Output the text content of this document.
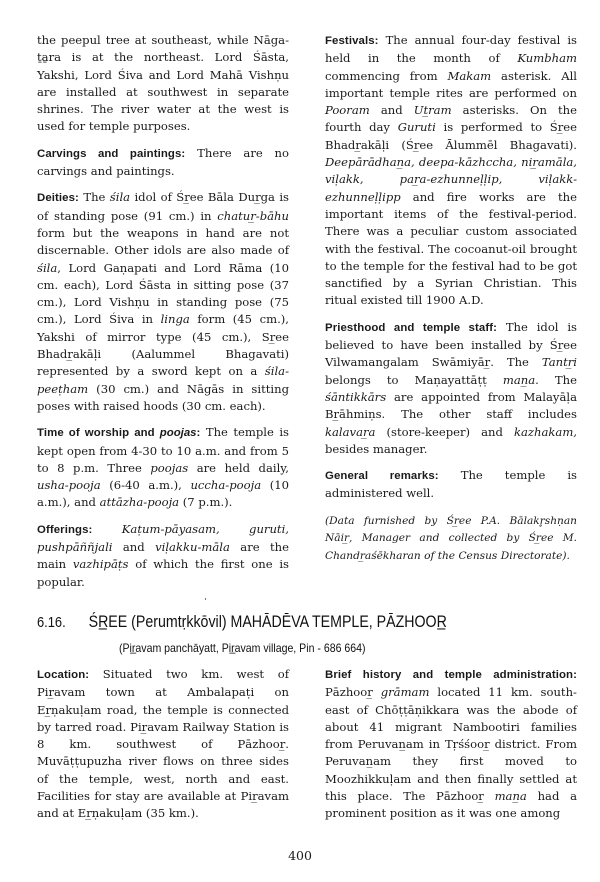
the peepul tree at southeast, while Nāga-ṯa̱ra is at the northeast. Lord Śāsta, Yakshi, Lord Śiva and Lord Mahā Vishṇu are installed at southwest in separate shrines. The river water at the west is used for temple purposes.

Carvings and paintings: There are no carvings and paintings.

Deities: The śila idol of Śr̲ee Bāla Dur̲ga is of standing pose (91 cm.) in chatur̲-bāhu form but the weapons in hand are not discernable. Other idols are also made of śila, Lord Gaṇapati and Lord Rāma (10 cm. each), Lord Śāsta in sitting pose (37 cm.), Lord Vishṇu in standing pose (75 cm.), Lord Śiva in linga form (45 cm.), Yakshi of mirror type (45 cm.), Sr̲ee Bhadr̲akāḷi (Aalummel Bhagavati) represented by a sword kept on a śila-peeṭham (30 cm.) and Nāgās in sitting poses with raised hoods (30 cm. each).

Time of worship and poojas: The temple is kept open from 4-30 to 10 a.m. and from 5 to 8 p.m. Three poojas are held daily, usha-pooja (6-40 a.m.), uccha-pooja (10 a.m.), and attāzha-pooja (7 p.m.).

Offerings:	Kaṭum-pāyasam, guruti, pushpāññjali and viḷakku-māla are the main vazhipāṭs of which the first one is popular.

Festivals: The annual four-day festival is held in the month of Kumbham commencing from Makam asterisk. All important temple rites are performed on Pooram and Ut̲ram asterisks. On the fourth day Guruti is performed to Śr̲ee Bhadr̲akāḷi (Śr̲ee Ālummēl Bhagavati). Deepārādhan̲a, deepa-kāzhccha, nir̲amāla, viḷakk, par̲a-ezhunneḷḷip, viḷakk-ezhunneḷḷipp and fire works are the important items of the festival-period. There was a peculiar custom associated with the festival. The cocoanut-oil brought to the temple for the festival had to be got sanctified by a Syrian Christian. This ritual existed till 1900 A.D.

Priesthood and temple staff: The idol is believed to have been installed by Śr̲ee Vilwamangalam Swāmiyār̲. The Tantr̲i belongs to Maṇayattāṭṭ man̲a. The śāntikkārs are appointed from Malayāḷa Br̲āhmiṇs. The other staff includes kalavar̲a (store-keeper) and kazhakam, besides manager.

General remarks: The temple is administered well.

(Data furnished by Śr̲ee P.A. Bālakr̥shṇan Nāir̲, Manager and collected by Śr̲ee M. Chandr̲aśēkharan of the Census Directorate).

6.16. ŚR̲EE (Perumtṛkkōvil) MAHĀDĒVA TEMPLE, PĀZHOOR̲
(Pir̲avam panchāyatt, Pir̲avam village, Pin - 686 664)

Location: Situated two km. west of Pir̲avam town at Ambalapaṭi on Er̲ṇakuḷam road, the temple is connected by tarred road. Pir̲avam Railway Station is 8 km. southwest of Pāzhoor̲. Muvāṭṭupuzha river flows on three sides of the temple, west, north and east. Facilities for stay are available at Pir̲avam and at Er̲ṇakuḷam (35 km.).

Brief history and temple administration: Pāzhoor̲ grāmam located 11 km. south-east of Chōṭṭāṇikkara was the abode of about 41 migrant Nambootiri families from Peruvan̲am in Tṛśśoor̲ district. From Peruvan̲am they first moved to Moozhikkuḷam and then finally settled at this place. The Pāzhoor̲ man̲a had a prominent position as it was one among

400
